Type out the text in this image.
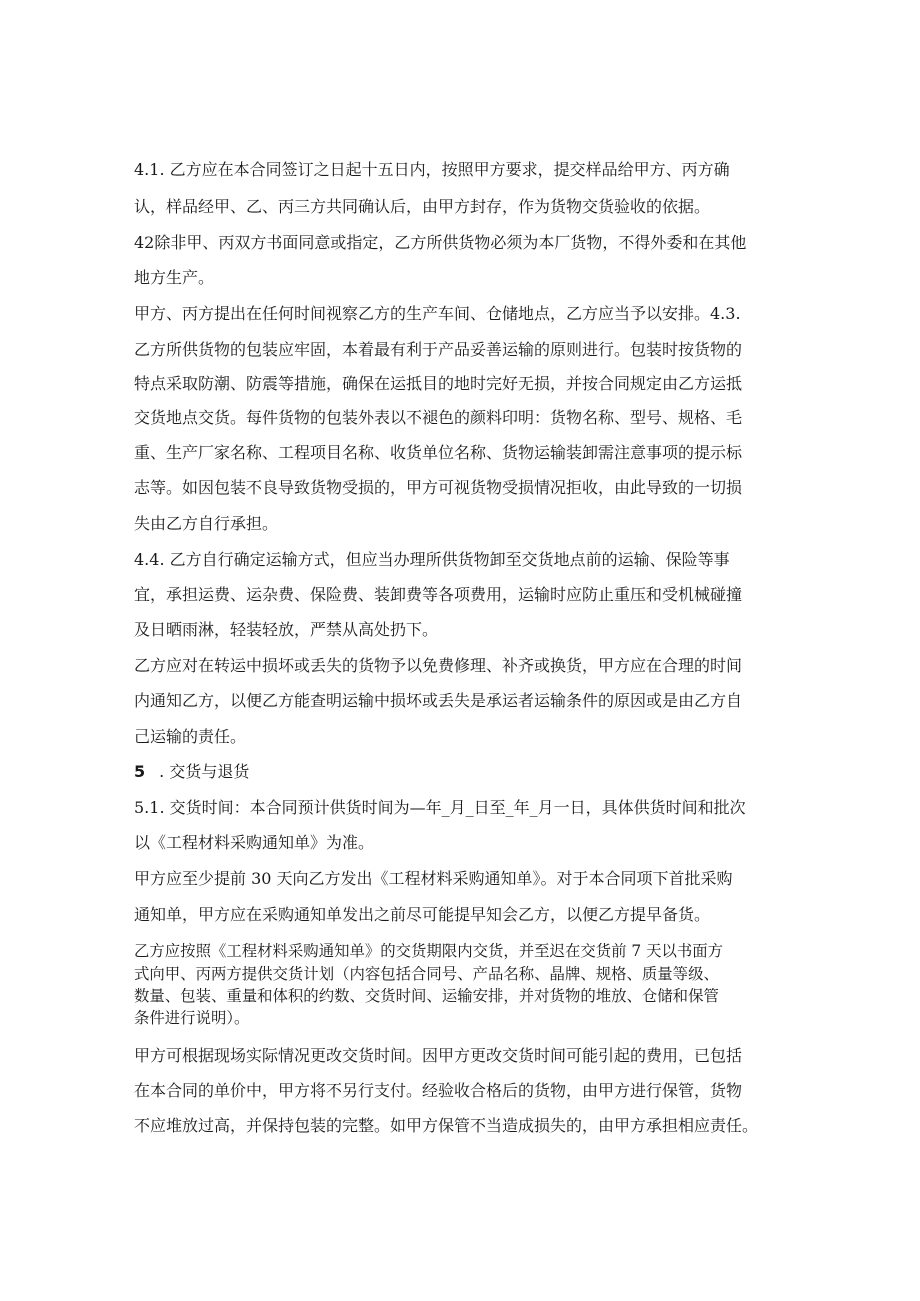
4.1. 乙方应在本合同签订之日起十五日内，按照甲方要求，提交样品给甲方、丙方确
认，样品经甲、乙、丙三方共同确认后，由甲方封存，作为货物交货验收的依据。
42除非甲、丙双方书面同意或指定，乙方所供货物必须为本厂货物，不得外委和在其他
地方生产。
甲方、丙方提出在任何时间视察乙方的生产车间、仓储地点，乙方应当予以安排。4.3.
乙方所供货物的包装应牢固，本着最有利于产品妥善运输的原则进行。包装时按货物的
特点采取防潮、防震等措施，确保在运抵目的地时完好无损，并按合同规定由乙方运抵
交货地点交货。每件货物的包装外表以不褪色的颜料印明：货物名称、型号、规格、毛
重、生产厂家名称、工程项目名称、收货单位名称、货物运输装卸需注意事项的提示标
志等。如因包装不良导致货物受损的，甲方可视货物受损情况拒收，由此导致的一切损
失由乙方自行承担。
4.4. 乙方自行确定运输方式，但应当办理所供货物卸至交货地点前的运输、保险等事
宜，承担运费、运杂费、保险费、装卸费等各项费用，运输时应防止重压和受机械碰撞
及日晒雨淋，轻装轻放，严禁从高处扔下。
乙方应对在转运中损坏或丢失的货物予以免费修理、补齐或换货，甲方应在合理的时间
内通知乙方，以便乙方能查明运输中损坏或丢失是承运者运输条件的原因或是由乙方自
己运输的责任。
5 . 交货与退货
5.1. 交货时间：本合同预计供货时间为—年_月_日至_年_月一日，具体供货时间和批次
以《工程材料采购通知单》为准。
甲方应至少提前 30 天向乙方发出《工程材料采购通知单》。对于本合同项下首批采购
通知单，甲方应在采购通知单发出之前尽可能提早知会乙方，以便乙方提早备货。
乙方应按照《工程材料采购通知单》的交货期限内交货，并至迟在交货前 7 天以书面方
式向甲、丙两方提供交货计划（内容包括合同号、产品名称、晶牌、规格、质量等级、
数量、包装、重量和体积的约数、交货时间、运输安排，并对货物的堆放、仓储和保管
条件进行说明）。
甲方可根据现场实际情况更改交货时间。因甲方更改交货时间可能引起的费用，已包括
在本合同的单价中，甲方将不另行支付。经验收合格后的货物，由甲方进行保管，货物
不应堆放过高，并保持包装的完整。如甲方保管不当造成损失的，由甲方承担相应责任。
